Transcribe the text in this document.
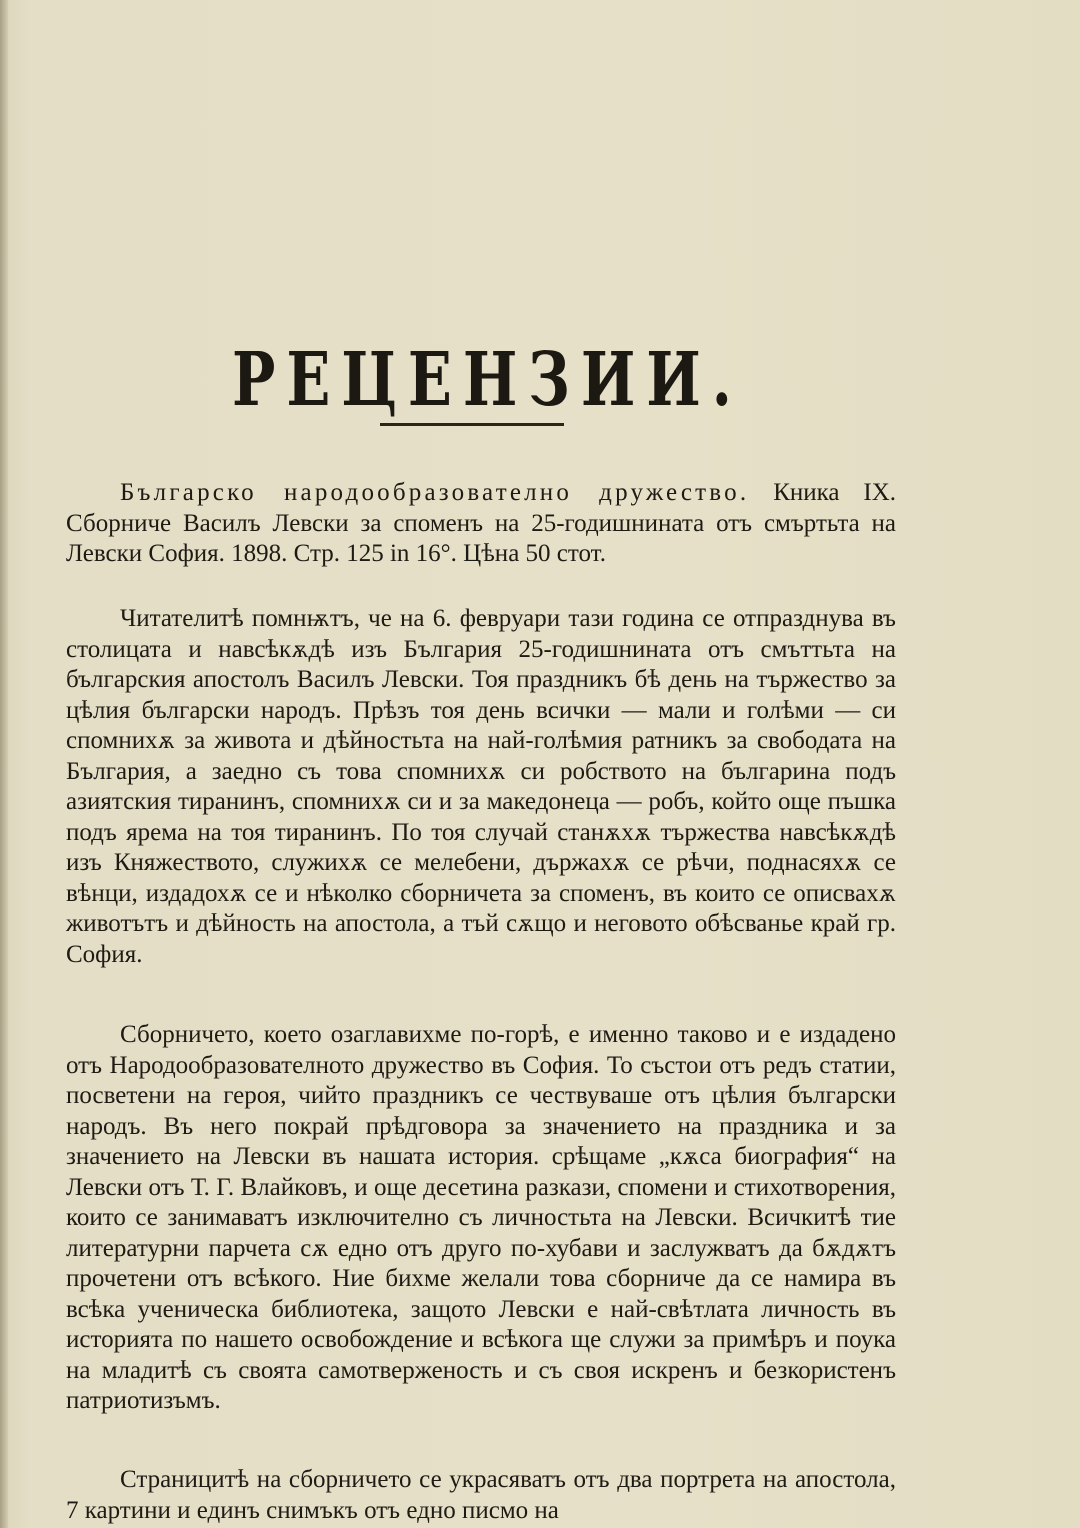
РЕЦЕНЗИИ.

Българско народообразователно дружество. Кника IX. Сборниче Василъ Левски за споменъ на 25-годишнината отъ смъртьта на Левски София. 1898. Стр. 125 in 16°. Цѣна 50 стот.

Читателитѣ помнѭтъ, че на 6. февруари тази година се отпразднува въ столицата и навсѣкѫдѣ изъ България 25-годишнината отъ смъттьта на българския апостолъ Василъ Левски. Тоя праздникъ бѣ день на тържество за цѣлия български народъ. Прѣзъ тоя день всички — мали и голѣми — си спомнихѫ за живота и дѣйностьта на най-голѣмия ратникъ за свободата на България, а заедно съ това спомнихѫ си робството на българина подъ азиятския тиранинъ, спомнихѫ си и за македонеца — робъ, който още пъшка подъ ярема на тоя тиранинъ. По тоя случай станѫхѫ тържества навсѣкѫдѣ изъ Княжеството, служихѫ се мелебени, държахѫ се рѣчи, поднасяхѫ се вѣнци, издадохѫ се и нѣколко сборничета за споменъ, въ които се описвахѫ животътъ и дѣйность на апостола, а тъй сѫщо и неговото обѣсванье край гр. София.

Сборничето, което озаглавихме по-горѣ, е именно таково и е издадено отъ Народообразователното дружество въ София. То състои отъ редъ статии, посветени на героя, чийто праздникъ се чествуваше отъ цѣлия български народъ. Въ него покрай прѣдговора за значението на праздника и за значението на Левски въ нашата история. срѣщаме „кѫса биография“ на Левски отъ Т. Г. Влайковъ, и още десетина разкази, спомени и стихотворения, които се занимаватъ изключително съ личностьта на Левски. Всичкитѣ тие литературни парчета сѫ едно отъ друго по-хубави и заслужватъ да бѫдѫтъ прочетени отъ всѣкого. Ние бихме желали това сборниче да се намира въ всѣка ученическа библиотека, защото Левски е най-свѣтлата личность въ историята по нашето освобождение и всѣкога ще служи за примѣръ и поука на младитѣ съ своята самотверженость и съ своя искренъ и безкористенъ патриотизъмъ.

Страницитѣ на сборничето се украсяватъ отъ два портрета на апостола, 7 картини и единъ снимъкъ отъ едно писмо на
